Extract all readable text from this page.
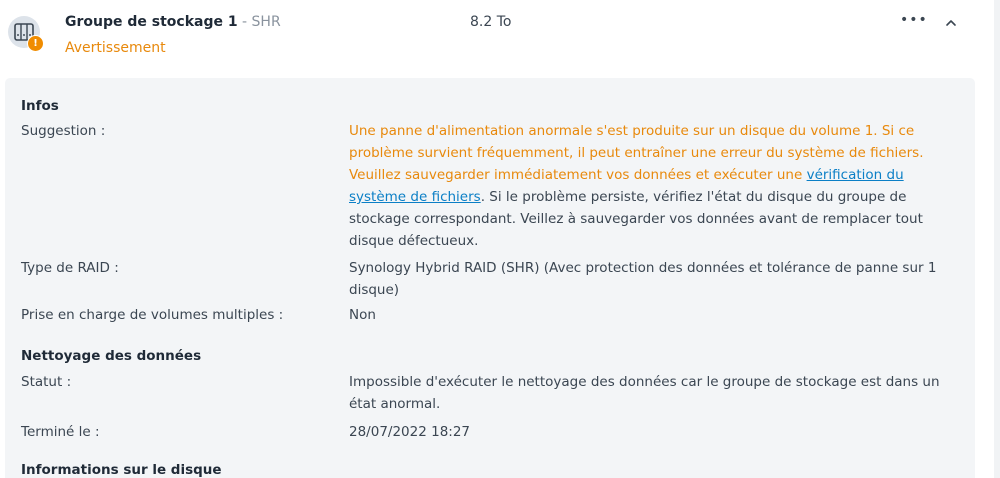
!
Groupe de stockage 1 - SHR
Avertissement
8.2 To	•••
Infos
Suggestion :	Une panne d'alimentation anormale s'est produite sur un disque du volume 1. Si ce problème survient fréquemment, il peut entraîner une erreur du système de fichiers. Veuillez sauvegarder immédiatement vos données et exécuter une vérification du système de fichiers. Si le problème persiste, vérifiez l'état du disque du groupe de stockage correspondant. Veillez à sauvegarder vos données avant de remplacer tout disque défectueux.
Type de RAID :	Synology Hybrid RAID (SHR) (Avec protection des données et tolérance de panne sur 1 disque)
Prise en charge de volumes multiples :	Non
Nettoyage des données
Statut :	Impossible d'exécuter le nettoyage des données car le groupe de stockage est dans un état anormal.
Terminé le :	28/07/2022 18:27
Informations sur le disque
